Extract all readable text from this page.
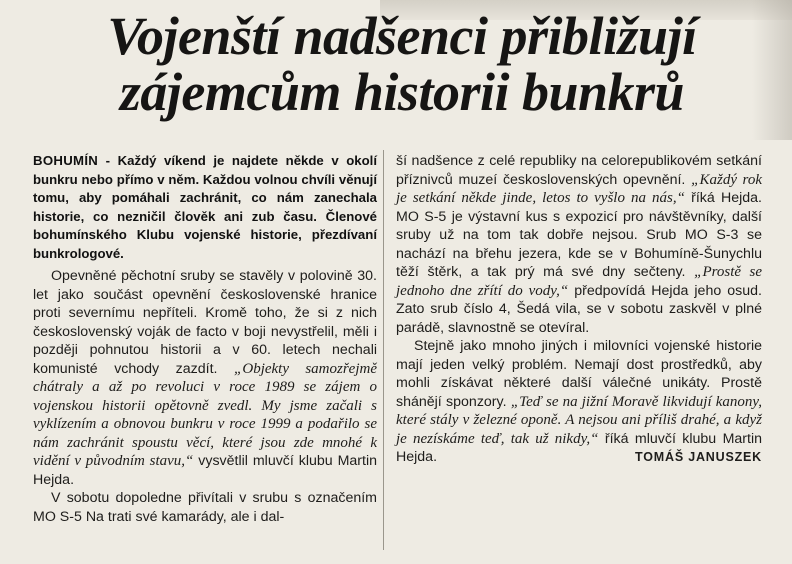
Vojenští nadšenci přibližují
zájemcům historii bunkrů
BOHUMÍN - Každý víkend je najdete někde v okolí bunkru nebo přímo v něm. Každou volnou chvíli věnují tomu, aby pomáhali zachránit, co nám zanechala historie, co nezničil člověk ani zub času. Členové bohumínského Klubu vojenské historie, přezdívaní bunkrologové.

Opevněné pěchotní sruby se stavěly v polovině 30. let jako součást opevnění československé hranice proti severnímu nepříteli. Kromě toho, že si z nich československý voják de facto v boji nevystřelil, měli i později pohnutou historii a v 60. letech nechali komunisté vchody zazdít. „Objekty samozřejmě chátraly a až po revoluci v roce 1989 se zájem o vojenskou historii opětovně zvedl. My jsme začali s vyklízením a obnovou bunkru v roce 1999 a podařilo se nám zachránit spoustu věcí, které jsou zde mnohé k vidění v původním stavu,“ vysvětlil mluvčí klubu Martin Hejda.

V sobotu dopoledne přivítali v srubu s označením MO S-5 Na trati své kamarády, ale i dal-

ší nadšence z celé republiky na celorepublikovém setkání příznivců muzeí československých opevnění. „Každý rok je setkání někde jinde, letos to vyšlo na nás,“ říká Hejda. MO S-5 je výstavní kus s expozicí pro návštěvníky, další sruby už na tom tak dobře nejsou. Srub MO S-3 se nachází na břehu jezera, kde se v Bohumíně-Šunychlu těží štěrk, a tak prý má své dny sečteny. „Prostě se jednoho dne zřítí do vody,“ předpovídá Hejda jeho osud. Zato srub číslo 4, Šedá vila, se v sobotu zaskvěl v plné parádě, slavnostně se otevíral.

Stejně jako mnoho jiných i milovníci vojenské historie mají jeden velký problém. Nemají dost prostředků, aby mohli získávat některé další válečné unikáty. Prostě shánějí sponzory. „Teď se na jižní Moravě likvidují kanony, které stály v železné oponě. A nejsou ani příliš drahé, a když je nezískáme teď, tak už nikdy,“ říká mluvčí klubu Martin Hejda.	TOMÁŠ JANUSZEK
